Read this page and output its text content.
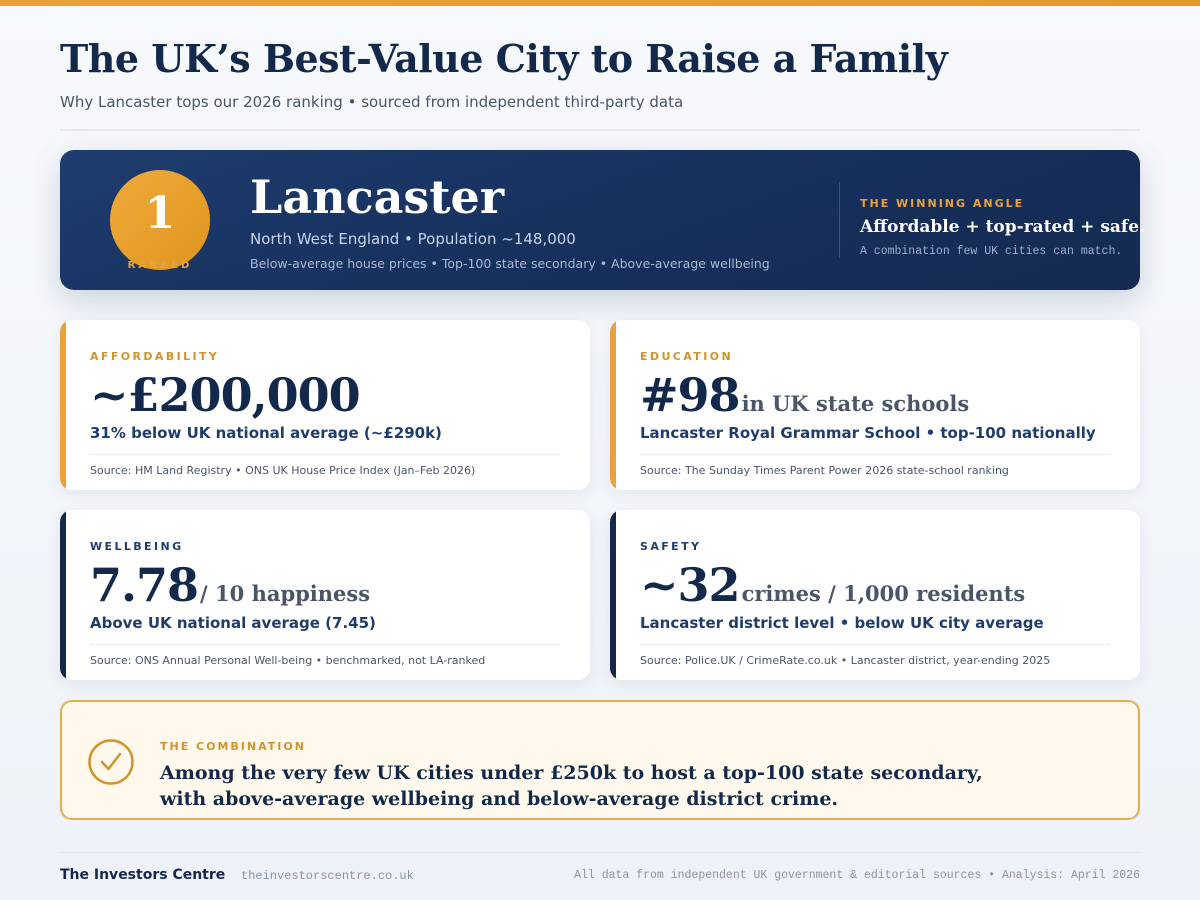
The UK’s Best-Value City to Raise a Family
Why Lancaster tops our 2026 ranking • sourced from independent third-party data
1
RANKED
Lancaster
North West England • Population ~148,000
Below-average house prices • Top-100 state secondary • Above-average wellbeing
THE WINNING ANGLE
Affordable + top-rated + safe.
A combination few UK cities can match.
AFFORDABILITY
~£200,000
31% below UK national average (~£290k)
Source: HM Land Registry • ONS UK House Price Index (Jan–Feb 2026)
EDUCATION
#98in UK state schools
Lancaster Royal Grammar School • top-100 nationally
Source: The Sunday Times Parent Power 2026 state-school ranking
WELLBEING
7.78/ 10 happiness
Above UK national average (7.45)
Source: ONS Annual Personal Well-being • benchmarked, not LA-ranked
SAFETY
~32crimes / 1,000 residents
Lancaster district level • below UK city average
Source: Police.UK / CrimeRate.co.uk • Lancaster district, year-ending 2025
THE COMBINATION
Among the very few UK cities under £250k to host a top-100 state secondary,
with above-average wellbeing and below-average district crime.
The Investors Centre theinvestorscentre.co.uk	All data from independent UK government & editorial sources • Analysis: April 2026
